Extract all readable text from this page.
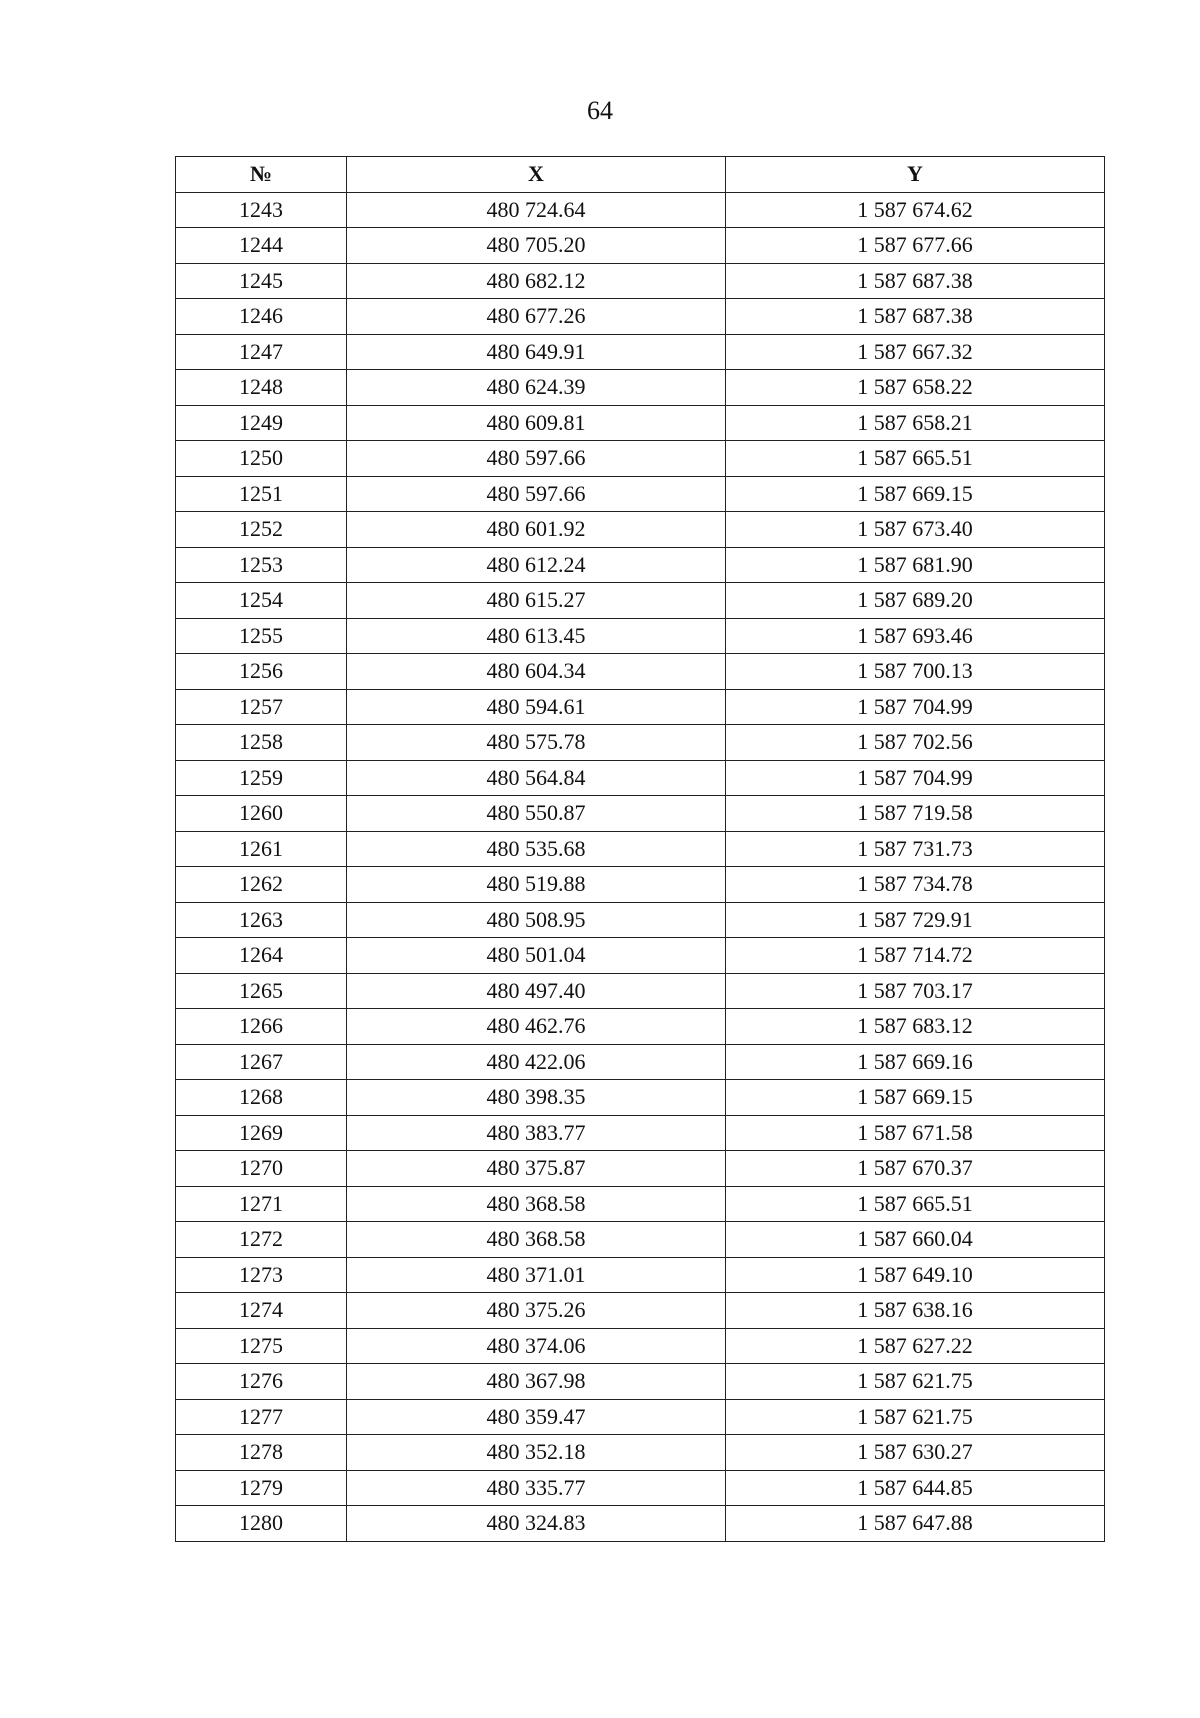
64
№	X	Y
1243	480 724.64	1 587 674.62
1244	480 705.20	1 587 677.66
1245	480 682.12	1 587 687.38
1246	480 677.26	1 587 687.38
1247	480 649.91	1 587 667.32
1248	480 624.39	1 587 658.22
1249	480 609.81	1 587 658.21
1250	480 597.66	1 587 665.51
1251	480 597.66	1 587 669.15
1252	480 601.92	1 587 673.40
1253	480 612.24	1 587 681.90
1254	480 615.27	1 587 689.20
1255	480 613.45	1 587 693.46
1256	480 604.34	1 587 700.13
1257	480 594.61	1 587 704.99
1258	480 575.78	1 587 702.56
1259	480 564.84	1 587 704.99
1260	480 550.87	1 587 719.58
1261	480 535.68	1 587 731.73
1262	480 519.88	1 587 734.78
1263	480 508.95	1 587 729.91
1264	480 501.04	1 587 714.72
1265	480 497.40	1 587 703.17
1266	480 462.76	1 587 683.12
1267	480 422.06	1 587 669.16
1268	480 398.35	1 587 669.15
1269	480 383.77	1 587 671.58
1270	480 375.87	1 587 670.37
1271	480 368.58	1 587 665.51
1272	480 368.58	1 587 660.04
1273	480 371.01	1 587 649.10
1274	480 375.26	1 587 638.16
1275	480 374.06	1 587 627.22
1276	480 367.98	1 587 621.75
1277	480 359.47	1 587 621.75
1278	480 352.18	1 587 630.27
1279	480 335.77	1 587 644.85
1280	480 324.83	1 587 647.88
